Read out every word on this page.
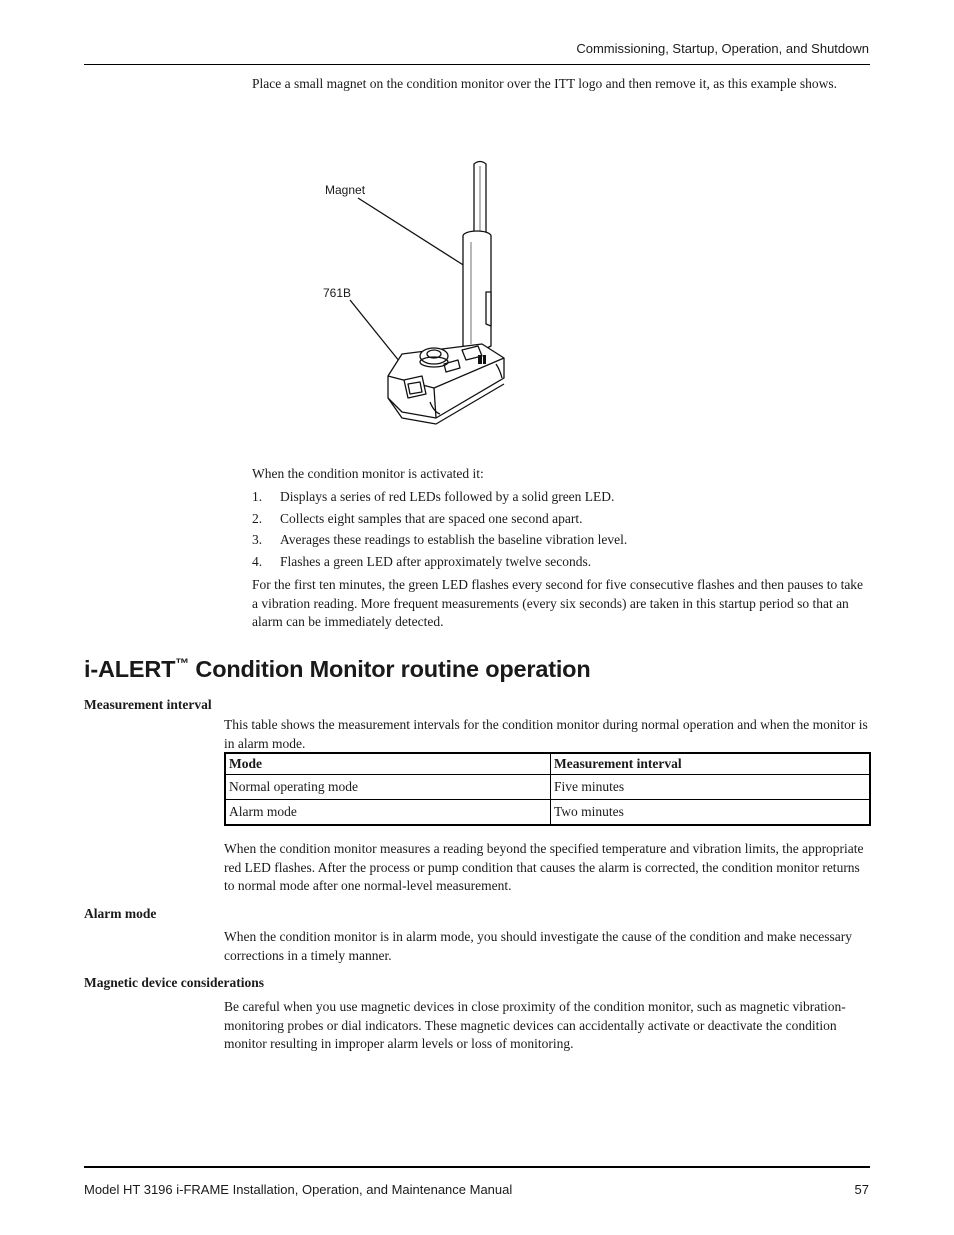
Commissioning, Startup, Operation, and Shutdown
Place a small magnet on the condition monitor over the ITT logo and then remove it, as this example shows.
Magnet
761B
When the condition monitor is activated it:
1. Displays a series of red LEDs followed by a solid green LED.
2. Collects eight samples that are spaced one second apart.
3. Averages these readings to establish the baseline vibration level.
4. Flashes a green LED after approximately twelve seconds.
For the first ten minutes, the green LED flashes every second for five consecutive flashes and then pauses to take a vibration reading. More frequent measurements (every six seconds) are taken in this startup period so that an alarm can be immediately detected.
i-ALERT™ Condition Monitor routine operation
Measurement interval
This table shows the measurement intervals for the condition monitor during normal operation and when the monitor is in alarm mode.
Mode	Measurement interval
Normal operating mode	Five minutes
Alarm mode	Two minutes
When the condition monitor measures a reading beyond the specified temperature and vibration limits, the appropriate red LED flashes. After the process or pump condition that causes the alarm is corrected, the condition monitor returns to normal mode after one normal-level measurement.
Alarm mode
When the condition monitor is in alarm mode, you should investigate the cause of the condition and make necessary corrections in a timely manner.
Magnetic device considerations
Be careful when you use magnetic devices in close proximity of the condition monitor, such as magnetic vibration-monitoring probes or dial indicators. These magnetic devices can accidentally activate or deactivate the condition monitor resulting in improper alarm levels or loss of monitoring.
Model HT 3196 i-FRAME Installation, Operation, and Maintenance Manual	57
